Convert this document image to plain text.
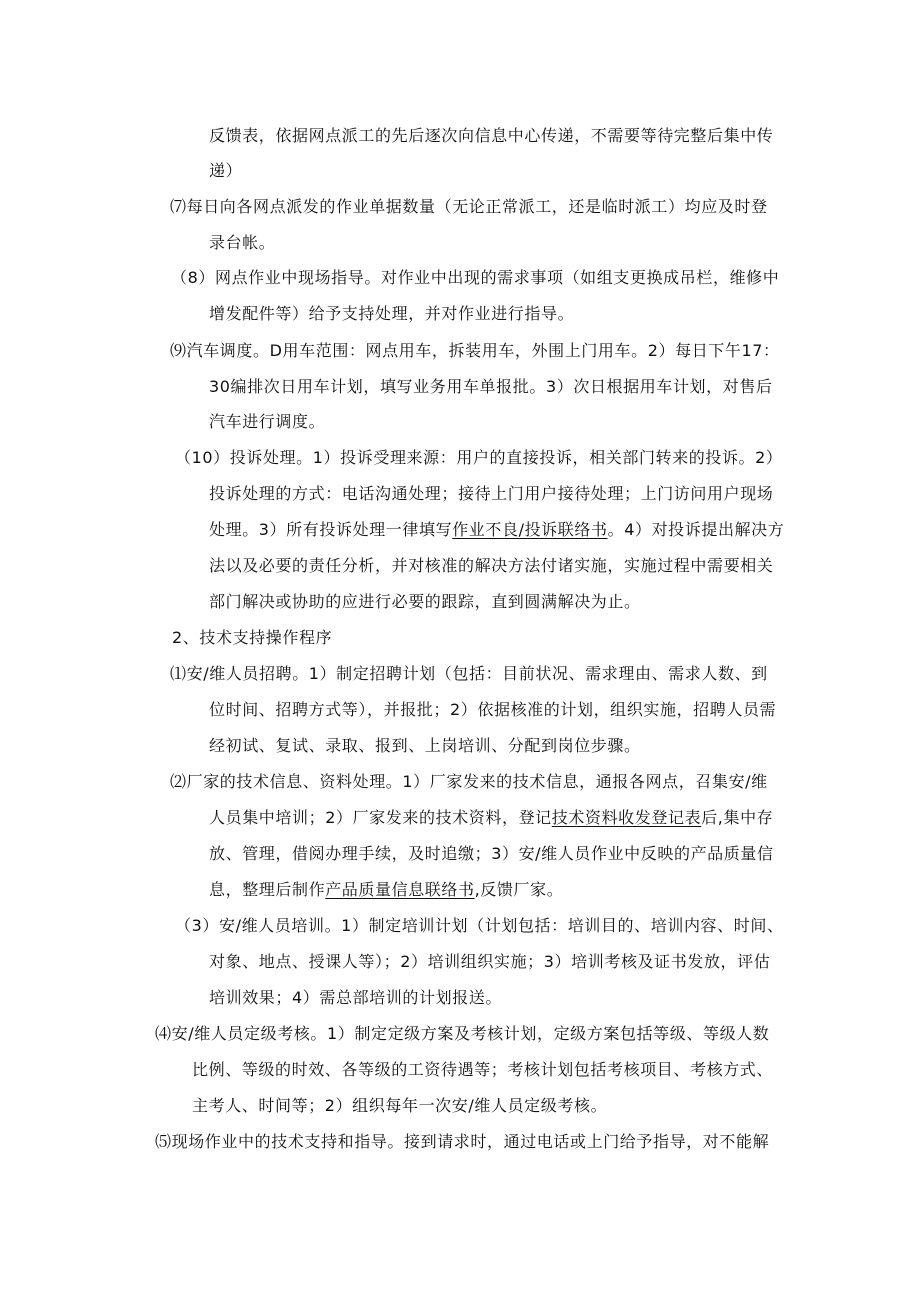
反馈表，依据网点派工的先后逐次向信息中心传递，不需要等待完整后集中传
递）
⑺每日向各网点派发的作业单据数量（无论正常派工，还是临时派工）均应及时登
录台帐。
（8）网点作业中现场指导。对作业中出现的需求事项（如组支更换成吊栏，维修中
增发配件等）给予支持处理，并对作业进行指导。
⑼汽车调度。D用车范围：网点用车，拆装用车，外围上门用车。2）每日下午17：
30编排次日用车计划，填写业务用车单报批。3）次日根据用车计划，对售后
汽车进行调度。
（10）投诉处理。1）投诉受理来源：用户的直接投诉，相关部门转来的投诉。2）
投诉处理的方式：电话沟通处理；接待上门用户接待处理；上门访问用户现场
处理。3）所有投诉处理一律填写作业不良/投诉联络书。4）对投诉提出解决方
法以及必要的责任分析，并对核准的解决方法付诸实施，实施过程中需要相关
部门解决或协助的应进行必要的跟踪，直到圆满解决为止。
2、技术支持操作程序
⑴安/维人员招聘。1）制定招聘计划（包括：目前状况、需求理由、需求人数、到
位时间、招聘方式等），并报批；2）依据核准的计划，组织实施，招聘人员需
经初试、复试、录取、报到、上岗培训、分配到岗位步骤。
⑵厂家的技术信息、资料处理。1）厂家发来的技术信息，通报各网点，召集安/维
人员集中培训；2）厂家发来的技术资料，登记技术资料收发登记表后,集中存
放、管理，借阅办理手续，及时追缴；3）安/维人员作业中反映的产品质量信
息，整理后制作产品质量信息联络书,反馈厂家。
（3）安/维人员培训。1）制定培训计划（计划包括：培训目的、培训内容、时间、
对象、地点、授课人等）；2）培训组织实施；3）培训考核及证书发放，评估
培训效果；4）需总部培训的计划报送。
⑷安/维人员定级考核。1）制定定级方案及考核计划，定级方案包括等级、等级人数
比例、等级的时效、各等级的工资待遇等；考核计划包括考核项目、考核方式、
主考人、时间等；2）组织每年一次安/维人员定级考核。
⑸现场作业中的技术支持和指导。接到请求时，通过电话或上门给予指导，对不能解
